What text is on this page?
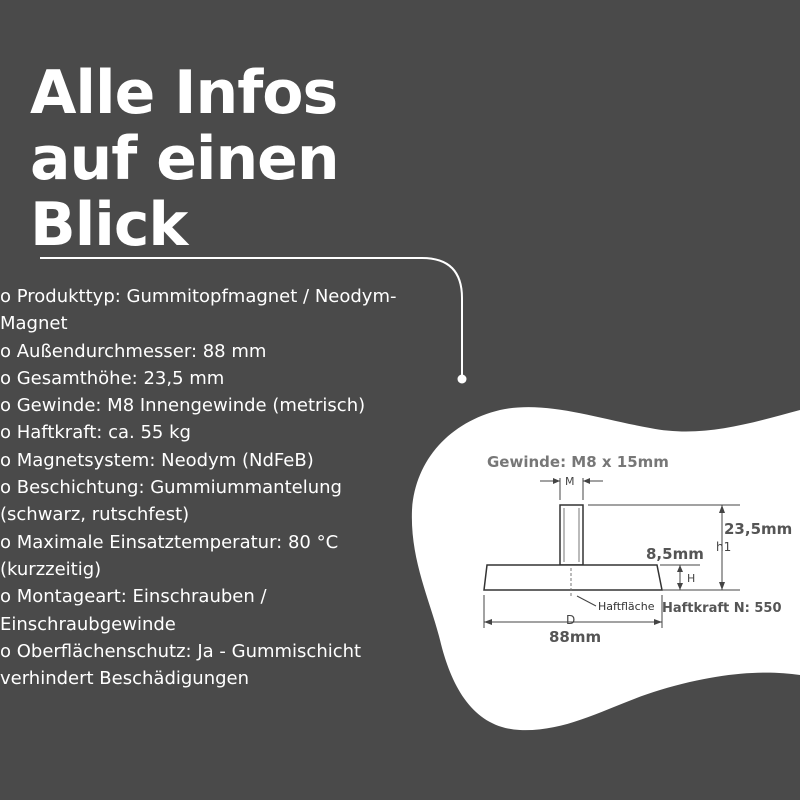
Alle Infos
auf einen
Blick
Gewinde: M8 x 15mm
M
23,5mm
h1
8,5mm
H
Haftfläche Haftkraft N: 550
D
88mm
o Produkttyp: Gummitopfmagnet / Neodym-Magnet
o Außendurchmesser: 88 mm
o Gesamthöhe: 23,5 mm
o Gewinde: M8 Innengewinde (metrisch)
o Haftkraft: ca. 55 kg
o Magnetsystem: Neodym (NdFeB)
o Beschichtung: Gummiummantelung (schwarz, rutschfest)
o Maximale Einsatztemperatur: 80 °C (kurzzeitig)
o Montageart: Einschrauben / Einschraubgewinde
o Oberflächenschutz: Ja - Gummischicht verhindert Beschädigungen
